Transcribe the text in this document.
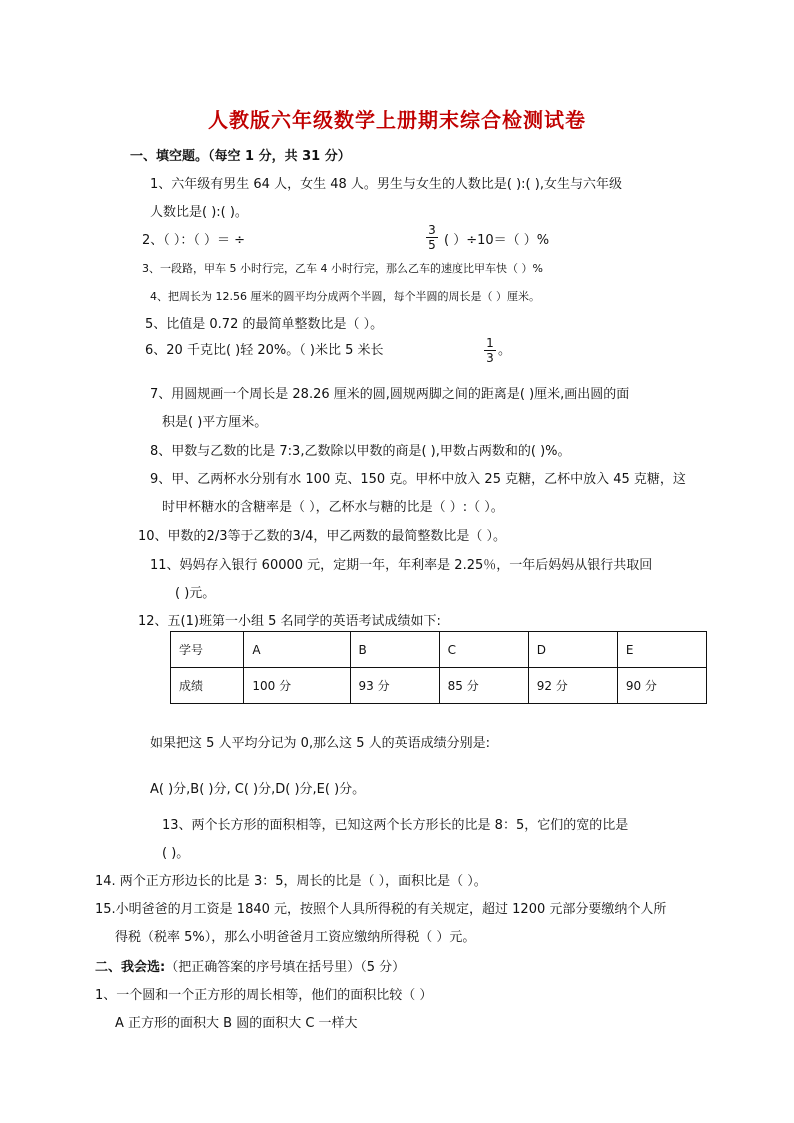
人教版六年级数学上册期末综合检测试卷
一、填空题。（每空 1 分，共 31 分）
1、六年级有男生 64 人，女生 48 人。男生与女生的人数比是( ):( ),女生与六年级
人数比是( ):( )。
2、（ ）：（ ）＝ ÷	$\frac{3}{5}$ ( ）÷10＝（ ）%
3、一段路，甲车 5 小时行完，乙车 4 小时行完，那么乙车的速度比甲车快（ ）%
4、把周长为 12.56 厘米的圆平均分成两个半圆，每个半圆的周长是（ ）厘米。
5、比值是 0.72 的最简单整数比是（ ）。
6、20 千克比( )轻 20%。（ )米比 5 米长	$\frac{1}{3}$ 。
7、用圆规画一个周长是 28.26 厘米的圆,圆规两脚之间的距离是( )厘米,画出圆的面
积是( )平方厘米。
8、甲数与乙数的比是 7:3,乙数除以甲数的商是( ),甲数占两数和的( )%。
9、甲、乙两杯水分别有水 100 克、150 克。甲杯中放入 25 克糖，乙杯中放入 45 克糖，这
时甲杯糖水的含糖率是（ ），乙杯水与糖的比是（ ）:（ ）。
10、甲数的2/3等于乙数的3/4，甲乙两数的最简整数比是（ ）。
11、妈妈存入银行 60000 元，定期一年，年利率是 2.25％，一年后妈妈从银行共取回
( )元。
12、五(1)班第一小组 5 名同学的英语考试成绩如下:
学号	A	B	C	D	E
成绩	100 分	93 分	85 分	92 分	90 分
如果把这 5 人平均分记为 0,那么这 5 人的英语成绩分别是:
A( )分,B( )分, C( )分,D( )分,E( )分。
13、两个长方形的面积相等，已知这两个长方形长的比是 8：5，它们的宽的比是
( )。
14. 两个正方形边长的比是 3：5，周长的比是（ ），面积比是（ ）。
15.小明爸爸的月工资是 1840 元，按照个人具所得税的有关规定，超过 1200 元部分要缴纳个人所
得税（税率 5%），那么小明爸爸月工资应缴纳所得税（ ）元。
二、我会选:（把正确答案的序号填在括号里）（5 分）
1、一个圆和一个正方形的周长相等，他们的面积比较（ ）
A 正方形的面积大 B 圆的面积大 C 一样大
